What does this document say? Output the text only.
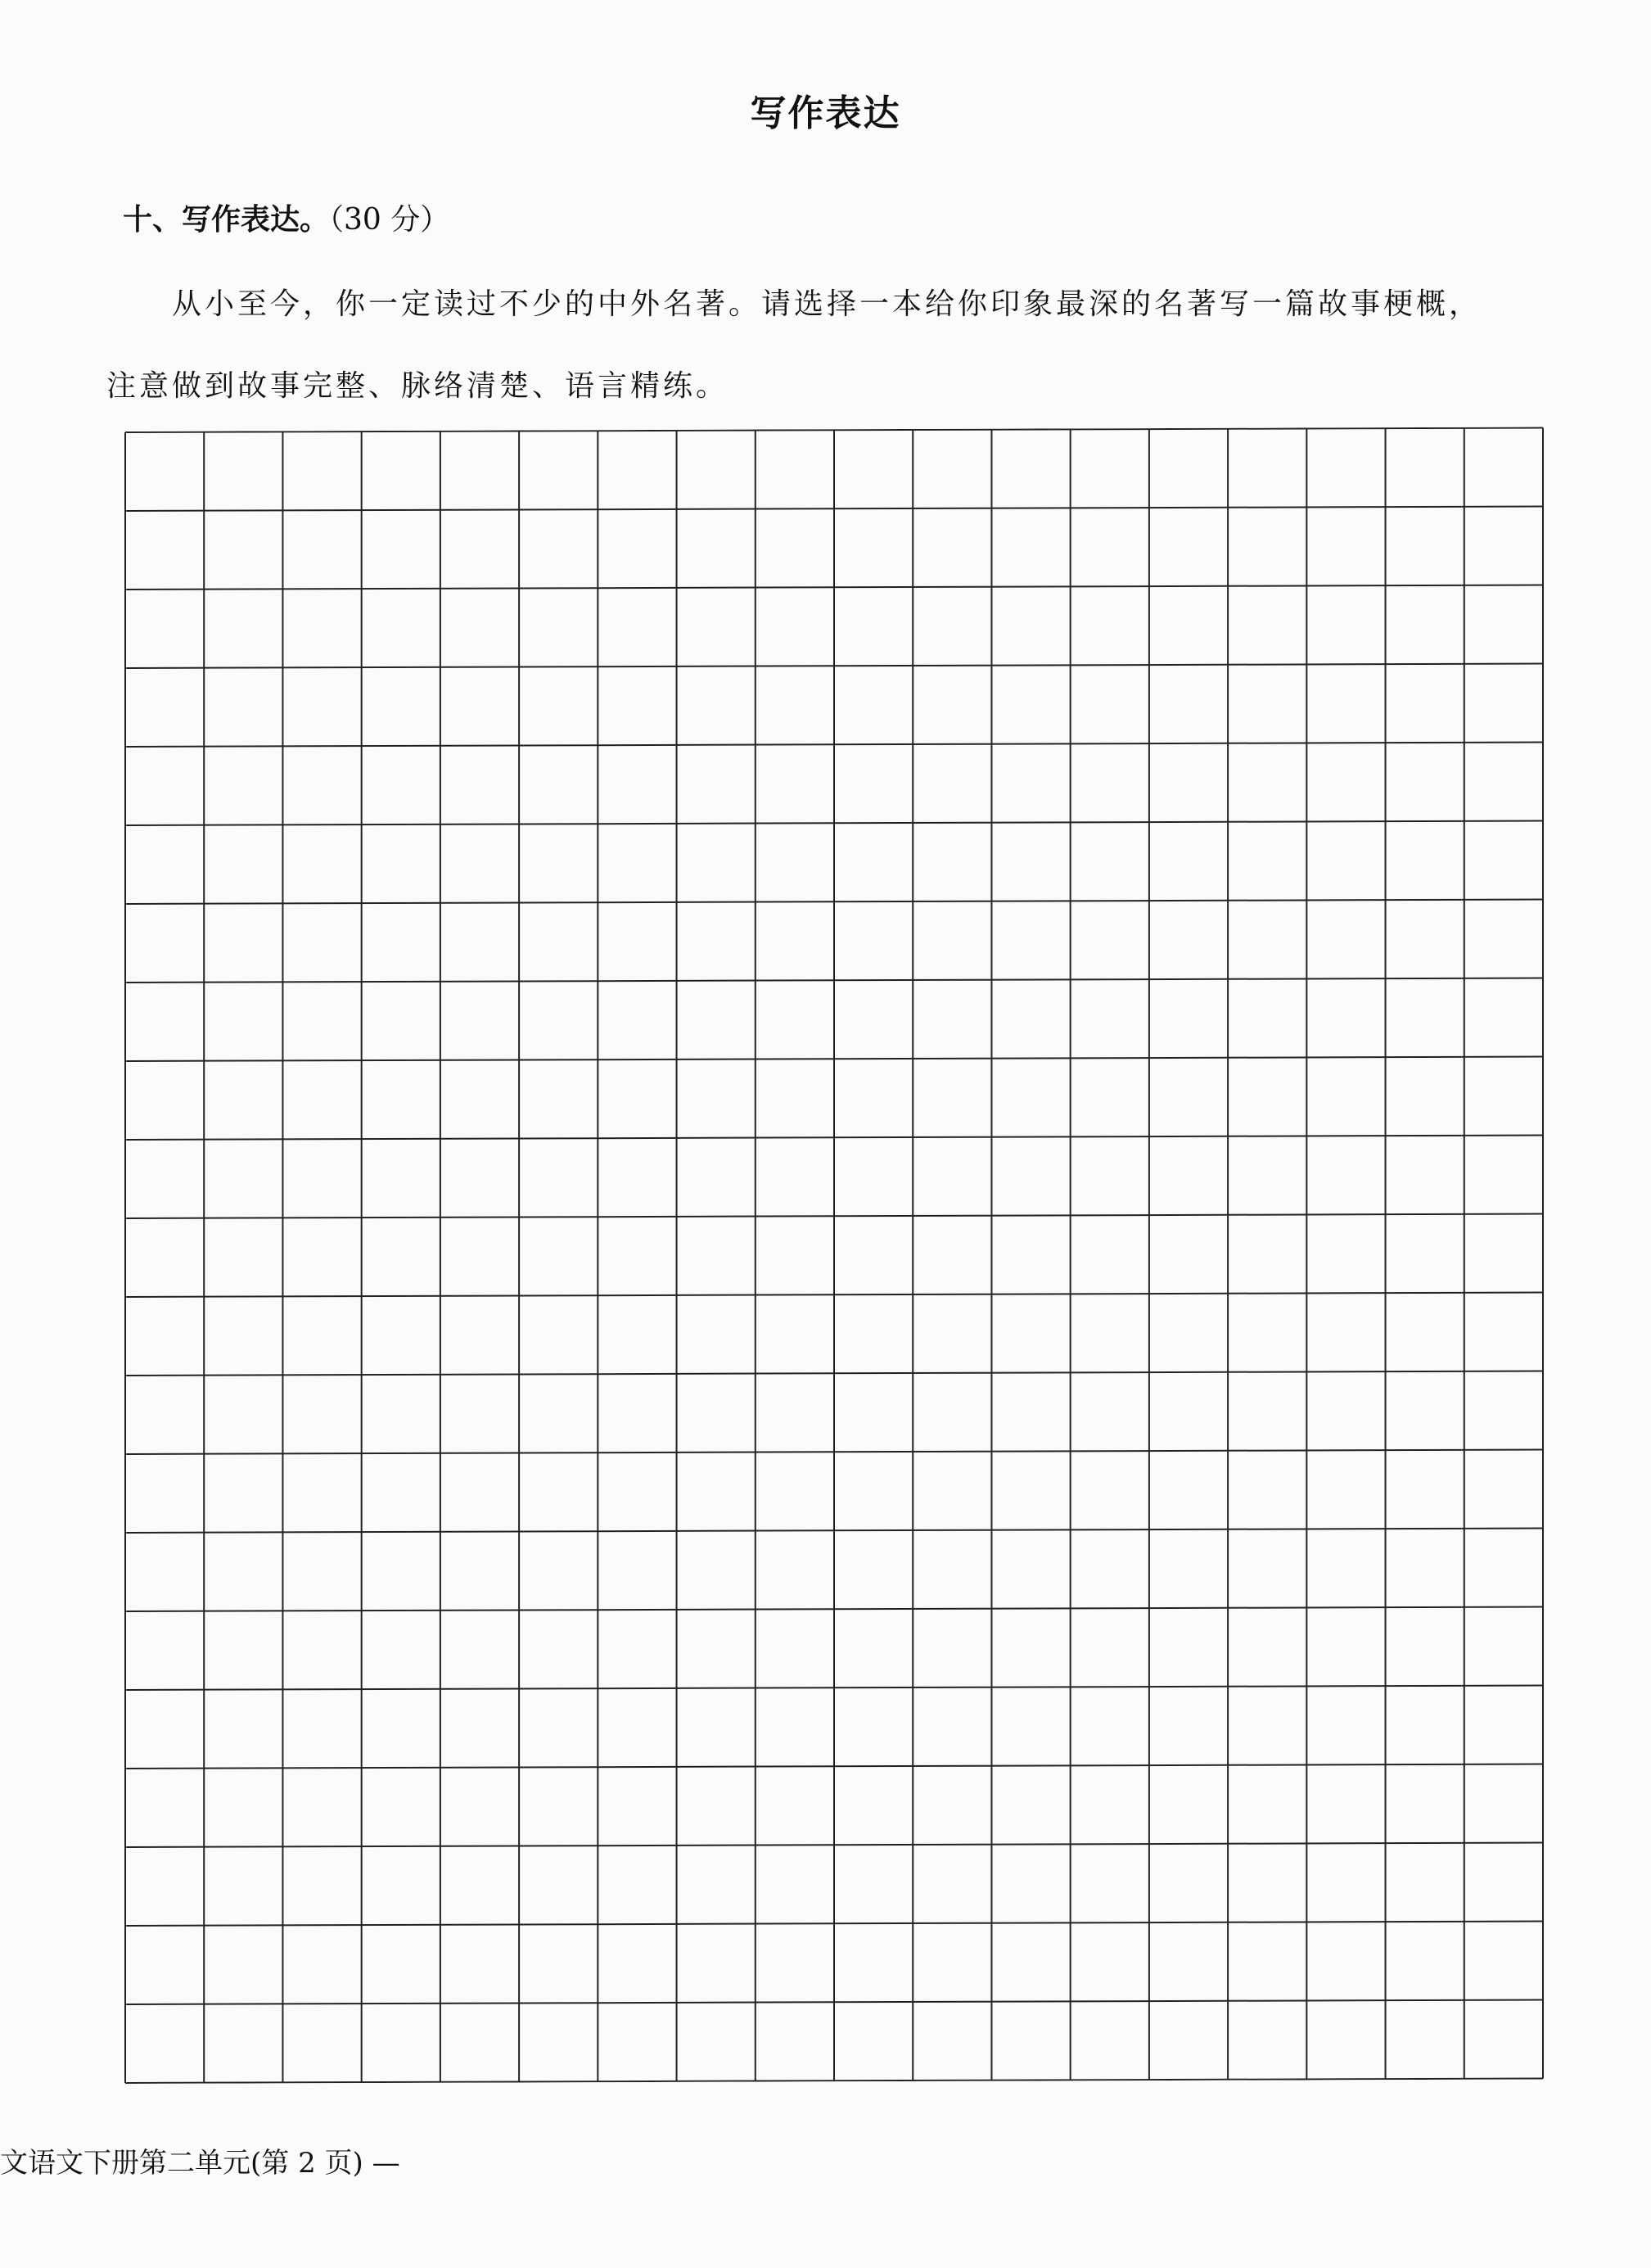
写作表达
十、写作表达。（30 分）
从小至今，你一定读过不少的中外名著。请选择一本给你印象最深的名著写一篇故事梗概，注意做到故事完整、脉络清楚、语言精练。
文语文下册第二单元(第 2 页) —
